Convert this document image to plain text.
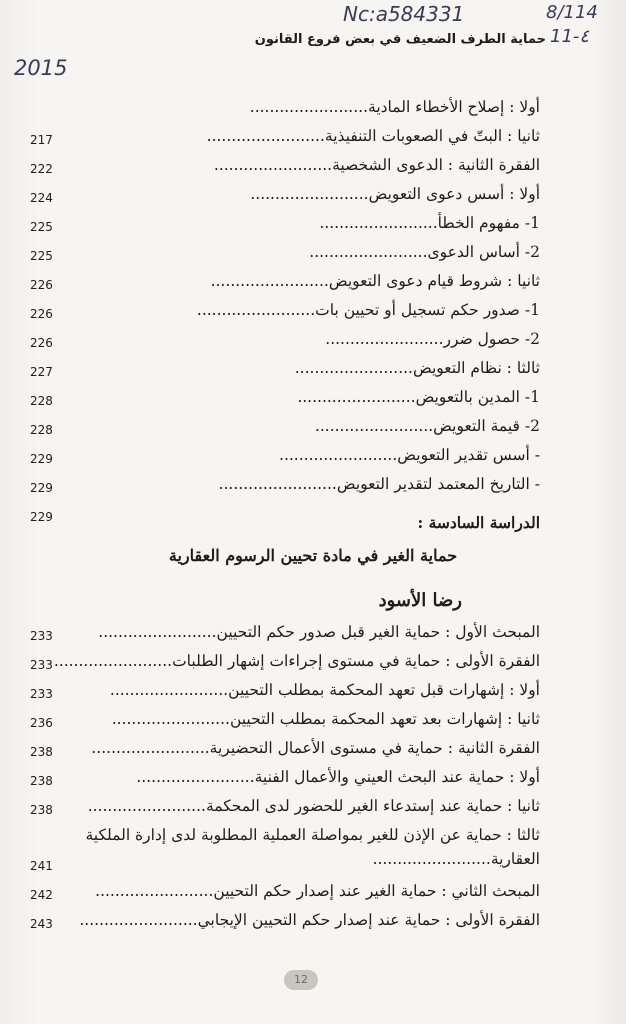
Nc:a584331	8/114
11-٤
2015
حماية الطرف الضعيف في بعض فروع القانون
أولا : إصلاح الأخطاء المادية........................
ثانيا : البتّ في الصعوبات التنفيذية........................
217
الفقرة الثانية : الدعوى الشخصية........................
222
أولا : أسس دعوى التعويض........................
224
1- مفهوم الخطأ........................
225
2- أساس الدعوى........................
225
ثانيا : شروط قيام دعوى التعويض........................
226
1- صدور حكم تسجيل أو تحيين بات........................
226
2- حصول ضرر........................
226
ثالثا : نظام التعويض........................
227
1- المدين بالتعويض........................
228
2- قيمة التعويض........................
228
- أسس تقدير التعويض........................
229
- التاريخ المعتمد لتقدير التعويض........................
229
229	الدراسة السادسة :
حماية الغير في مادة تحيين الرسوم العقارية
رضا الأسود
المبحث الأول : حماية الغير قبل صدور حكم التحيين........................
233
الفقرة الأولى : حماية في مستوى إجراءات إشهار الطلبات........................
233
أولا : إشهارات قبل تعهد المحكمة بمطلب التحيين........................
233
ثانيا : إشهارات بعد تعهد المحكمة بمطلب التحيين........................
236
الفقرة الثانية : حماية في مستوى الأعمال التحضيرية........................
238
أولا : حماية عند البحث العيني والأعمال الفنية........................
238
ثانيا : حماية عند إستدعاء الغير للحضور لدى المحكمة........................
238
ثالثا : حماية عن الإذن للغير بمواصلة العملية المطلوبة لدى إدارة الملكية العقارية........................
241
المبحث الثاني : حماية الغير عند إصدار حكم التحيين........................
242
الفقرة الأولى : حماية عند إصدار حكم التحيين الإيجابي........................
243
12
